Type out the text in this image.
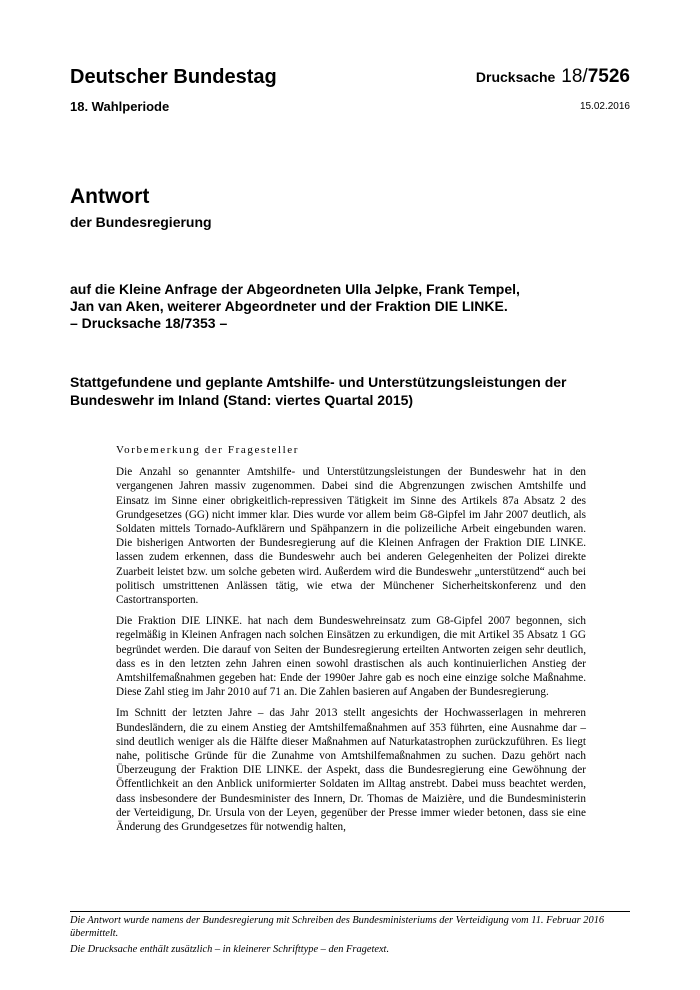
Deutscher Bundestag
18. Wahlperiode
Drucksache 18/7526
15.02.2016
Antwort
der Bundesregierung
auf die Kleine Anfrage der Abgeordneten Ulla Jelpke, Frank Tempel,
Jan van Aken, weiterer Abgeordneter und der Fraktion DIE LINKE.
– Drucksache 18/7353 –
Stattgefundene und geplante Amtshilfe- und Unterstützungsleistungen der
Bundeswehr im Inland (Stand: viertes Quartal 2015)
Vorbemerkung der Fragesteller

Die Anzahl so genannter Amtshilfe- und Unterstützungsleistungen der Bundeswehr hat in den vergangenen Jahren massiv zugenommen. Dabei sind die Abgrenzungen zwischen Amtshilfe und Einsatz im Sinne einer obrigkeitlich-repressiven Tätigkeit im Sinne des Artikels 87a Absatz 2 des Grundgesetzes (GG) nicht immer klar. Dies wurde vor allem beim G8-Gipfel im Jahr 2007 deutlich, als Soldaten mittels Tornado-Aufklärern und Spähpanzern in die polizeiliche Arbeit eingebunden waren. Die bisherigen Antworten der Bundesregierung auf die Kleinen Anfragen der Fraktion DIE LINKE. lassen zudem erkennen, dass die Bundeswehr auch bei anderen Gelegenheiten der Polizei direkte Zuarbeit leistet bzw. um solche gebeten wird. Außerdem wird die Bundeswehr „unterstützend“ auch bei politisch umstrittenen Anlässen tätig, wie etwa der Münchener Sicherheitskonferenz und den Castortransporten.

Die Fraktion DIE LINKE. hat nach dem Bundeswehreinsatz zum G8-Gipfel 2007 begonnen, sich regelmäßig in Kleinen Anfragen nach solchen Einsätzen zu erkundigen, die mit Artikel 35 Absatz 1 GG begründet werden. Die darauf von Seiten der Bundesregierung erteilten Antworten zeigen sehr deutlich, dass es in den letzten zehn Jahren einen sowohl drastischen als auch kontinuierlichen Anstieg der Amtshilfemaßnahmen gegeben hat: Ende der 1990er Jahre gab es noch eine einzige solche Maßnahme. Diese Zahl stieg im Jahr 2010 auf 71 an. Die Zahlen basieren auf Angaben der Bundesregierung.

Im Schnitt der letzten Jahre – das Jahr 2013 stellt angesichts der Hochwasserlagen in mehreren Bundesländern, die zu einem Anstieg der Amtshilfemaßnahmen auf 353 führten, eine Ausnahme dar – sind deutlich weniger als die Hälfte dieser Maßnahmen auf Naturkatastrophen zurückzuführen. Es liegt nahe, politische Gründe für die Zunahme von Amtshilfemaßnahmen zu suchen. Dazu gehört nach Überzeugung der Fraktion DIE LINKE. der Aspekt, dass die Bundesregierung eine Gewöhnung der Öffentlichkeit an den Anblick uniformierter Soldaten im Alltag anstrebt. Dabei muss beachtet werden, dass insbesondere der Bundesminister des Innern, Dr. Thomas de Maizière, und die Bundesministerin der Verteidigung, Dr. Ursula von der Leyen, gegenüber der Presse immer wieder betonen, dass sie eine Änderung des Grundgesetzes für notwendig halten,

Die Antwort wurde namens der Bundesregierung mit Schreiben des Bundesministeriums der Verteidigung vom 11. Februar 2016 übermittelt.

Die Drucksache enthält zusätzlich – in kleinerer Schrifttype – den Fragetext.
